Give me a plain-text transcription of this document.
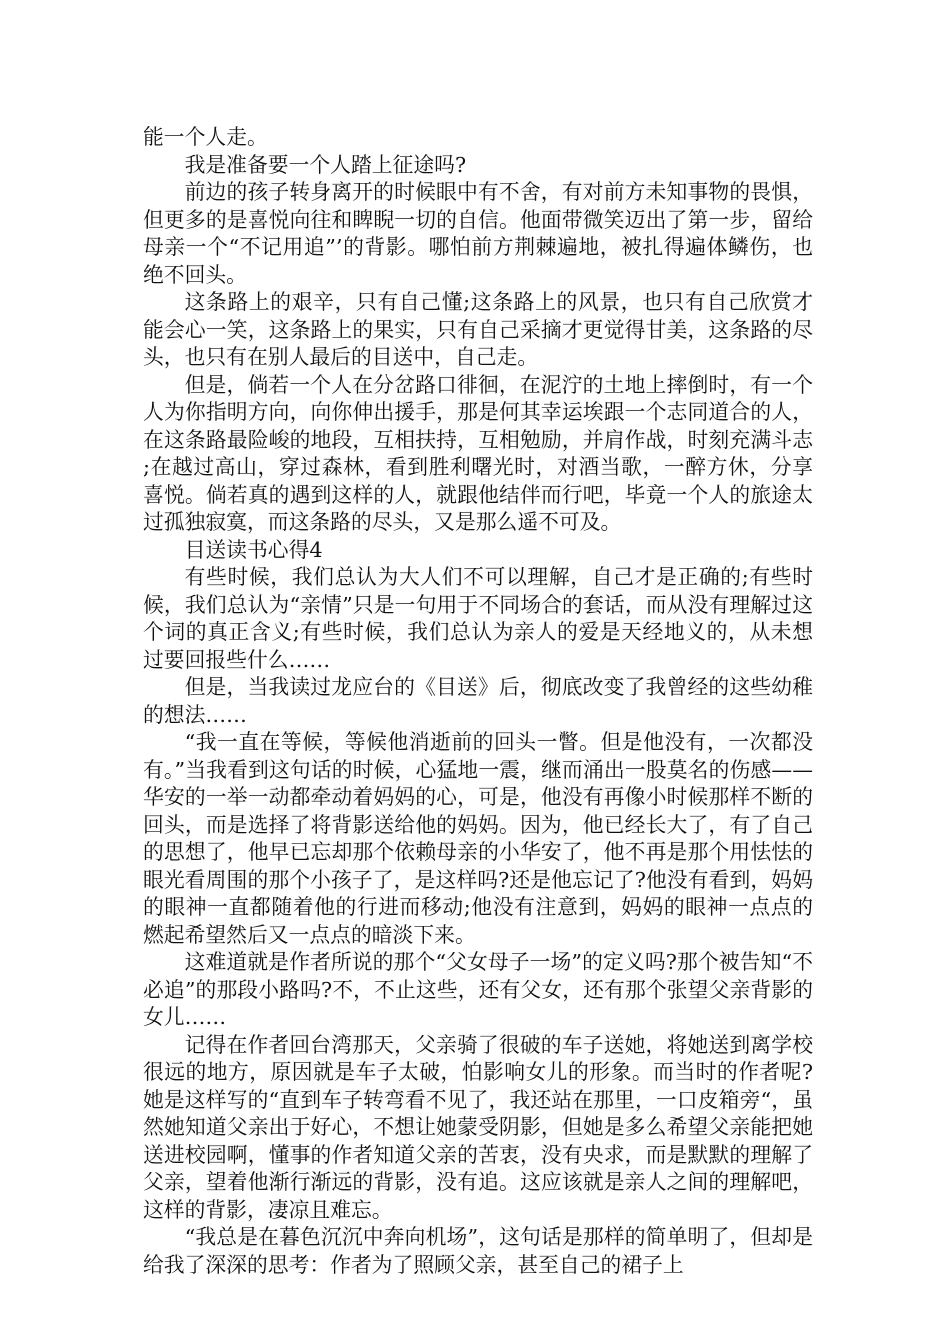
能一个人走。

我是准备要一个人踏上征途吗?

前边的孩子转身离开的时候眼中有不舍，有对前方未知事物的畏惧，但更多的是喜悦向往和睥睨一切的自信。他面带微笑迈出了第一步，留给母亲一个“不记用追”’的背影。哪怕前方荆棘遍地，被扎得遍体鳞伤，也绝不回头。

这条路上的艰辛，只有自己懂;这条路上的风景，也只有自己欣赏才能会心一笑，这条路上的果实，只有自己采摘才更觉得甘美，这条路的尽头，也只有在别人最后的目送中，自己走。

但是，倘若一个人在分岔路口徘徊，在泥泞的土地上摔倒时，有一个人为你指明方向，向你伸出援手，那是何其幸运埃跟一个志同道合的人，在这条路最险峻的地段，互相扶持，互相勉励，并肩作战，时刻充满斗志;在越过高山，穿过森林，看到胜利曙光时，对酒当歌，一醉方休，分享喜悦。倘若真的遇到这样的人，就跟他结伴而行吧，毕竟一个人的旅途太过孤独寂寞，而这条路的尽头，又是那么遥不可及。

目送读书心得4

有些时候，我们总认为大人们不可以理解，自己才是正确的;有些时候，我们总认为“亲情”只是一句用于不同场合的套话，而从没有理解过这个词的真正含义;有些时候，我们总认为亲人的爱是天经地义的，从未想过要回报些什么……

但是，当我读过龙应台的《目送》后，彻底改变了我曾经的这些幼稚的想法……

“我一直在等候，等候他消逝前的回头一瞥。但是他没有，一次都没有。”当我看到这句话的时候，心猛地一震，继而涌出一股莫名的伤感——华安的一举一动都牵动着妈妈的心，可是，他没有再像小时候那样不断的回头，而是选择了将背影送给他的妈妈。因为，他已经长大了，有了自己的思想了，他早已忘却那个依赖母亲的小华安了，他不再是那个用怯怯的眼光看周围的那个小孩子了，是这样吗?还是他忘记了?他没有看到，妈妈的眼神一直都随着他的行进而移动;他没有注意到，妈妈的眼神一点点的燃起希望然后又一点点的暗淡下来。

这难道就是作者所说的那个“父女母子一场”的定义吗?那个被告知“不必追”的那段小路吗?不，不止这些，还有父女，还有那个张望父亲背影的女儿……

记得在作者回台湾那天，父亲骑了很破的车子送她，将她送到离学校很远的地方，原因就是车子太破，怕影响女儿的形象。而当时的作者呢?她是这样写的“直到车子转弯看不见了，我还站在那里，一口皮箱旁“，虽然她知道父亲出于好心，不想让她蒙受阴影，但她是多么希望父亲能把她送进校园啊，懂事的作者知道父亲的苦衷，没有央求，而是默默的理解了父亲，望着他渐行渐远的背影，没有追。这应该就是亲人之间的理解吧，这样的背影，凄凉且难忘。

“我总是在暮色沉沉中奔向机场”，这句话是那样的简单明了，但却是给我了深深的思考：作者为了照顾父亲，甚至自己的裙子上
